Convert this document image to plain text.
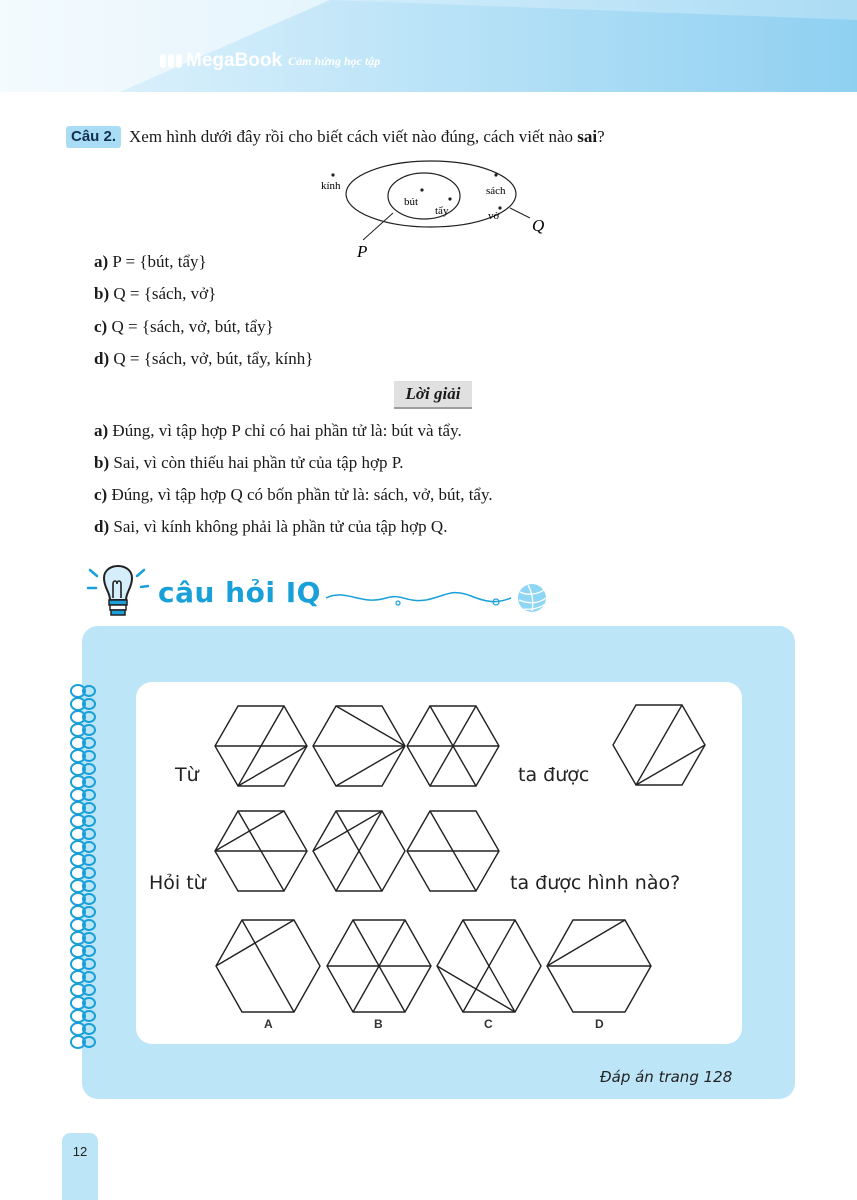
MegaBook Cảm hứng học tập
Câu 2. Xem hình dưới đây rồi cho biết cách viết nào đúng, cách viết nào sai?
kính
bút
tẩy
sách
vở Q
P
a) P = {bút, tẩy}
b) Q = {sách, vở}
c) Q = {sách, vở, bút, tẩy}
d) Q = {sách, vở, bút, tẩy, kính}
Lời giải
a) Đúng, vì tập hợp P chỉ có hai phần tử là: bút và tẩy.
b) Sai, vì còn thiếu hai phần tử của tập hợp P.
c) Đúng, vì tập hợp Q có bốn phần tử là: sách, vở, bút, tẩy.
d) Sai, vì kính không phải là phần tử của tập hợp Q.
câu hỏi IQ
Từ	ta được
Hỏi từ	ta được hình nào?
A	B	C	D
Đáp án trang 128
12
